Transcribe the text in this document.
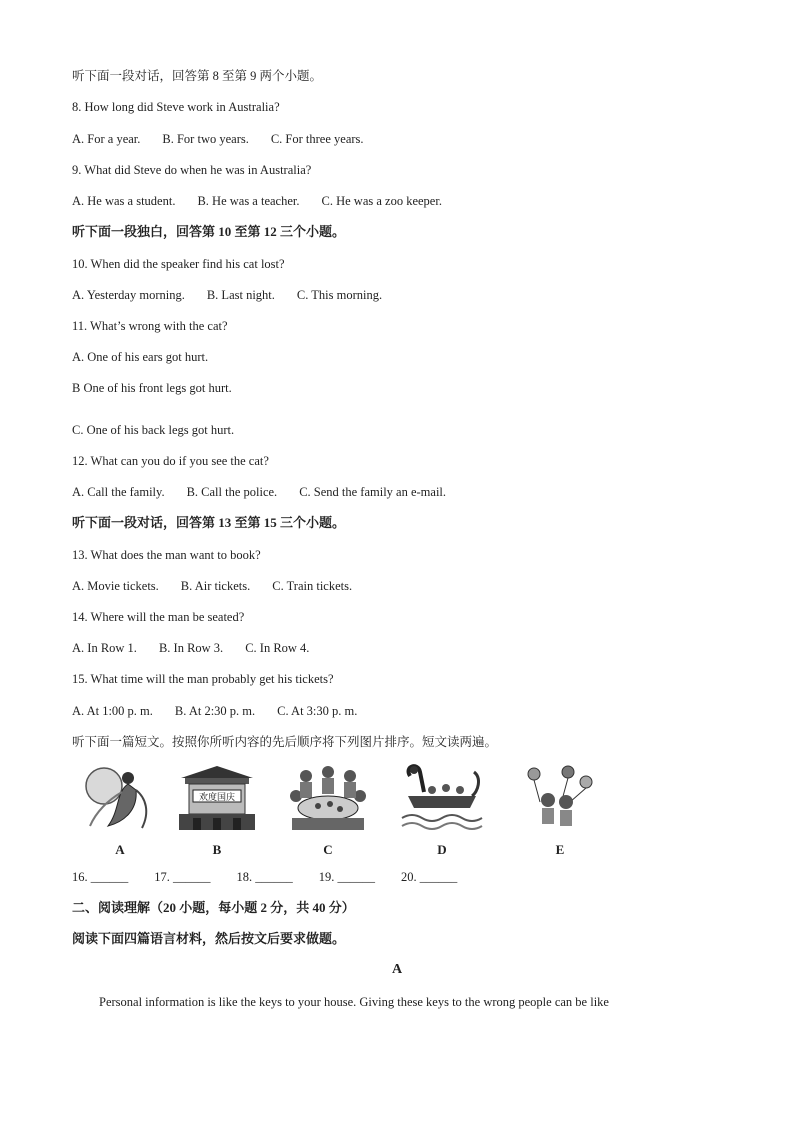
听下面一段对话，回答第 8 至第 9 两个小题。
8. How long did Steve work in Australia?
A. For a year. B. For two years. C. For three years.
9. What did Steve do when he was in Australia?
A. He was a student. B. He was a teacher. C. He was a zoo keeper.
听下面一段独白，回答第 10 至第 12 三个小题。
10. When did the speaker find his cat lost?
A. Yesterday morning. B. Last night. C. This morning.
11. What’s wrong with the cat?
A. One of his ears got hurt.
B One of his front legs got hurt.
C. One of his back legs got hurt.
12. What can you do if you see the cat?
A. Call the family. B. Call the police. C. Send the family an e-mail.
听下面一段对话，回答第 13 至第 15 三个小题。
13. What does the man want to book?
A. Movie tickets. B. Air tickets. C. Train tickets.
14. Where will the man be seated?
A. In Row 1. B. In Row 3. C. In Row 4.
15. What time will the man probably get his tickets?
A. At 1:00 p. m. B. At 2:30 p. m. C. At 3:30 p. m.
听下面一篇短文。按照你所听内容的先后顺序将下列图片排序。短文读两遍。
A
欢度国庆
B	C	D	E
16. ______ 17. ______ 18. ______ 19. ______ 20. ______
二、阅读理解（20 小题，每小题 2 分，共 40 分）
阅读下面四篇语言材料，然后按文后要求做题。
A
Personal information is like the keys to your house. Giving these keys to the wrong people can be like
